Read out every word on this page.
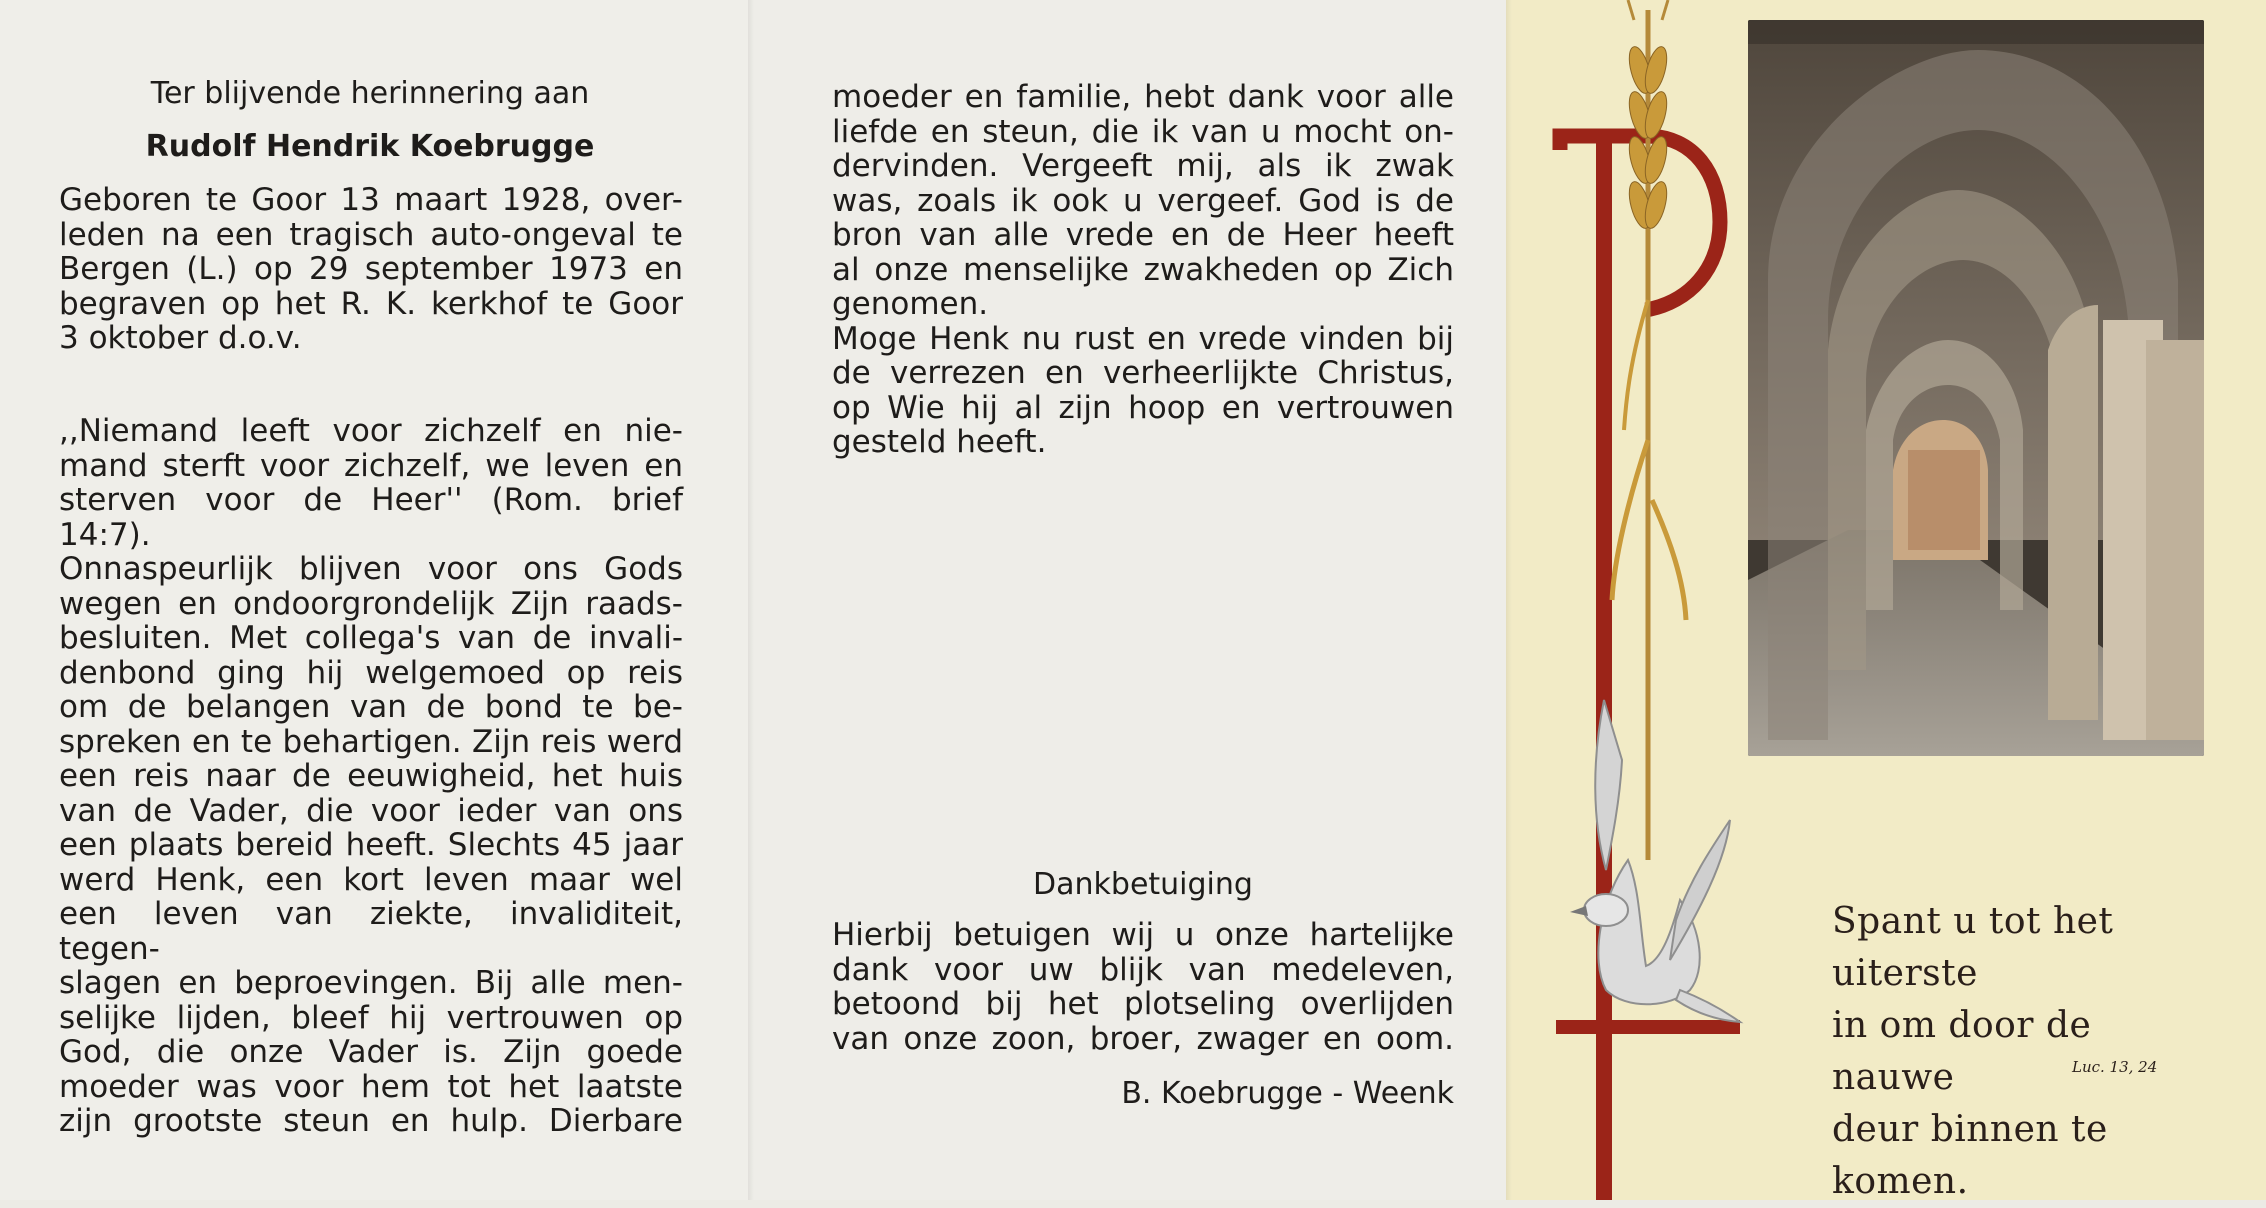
Ter blijvende herinnering aan
Rudolf Hendrik Koebrugge
Geboren te Goor 13 maart 1928, over-
leden na een tragisch auto-ongeval te
Bergen (L.) op 29 september 1973 en
begraven op het R. K. kerkhof te Goor
3 oktober d.o.v.
,,Niemand leeft voor zichzelf en nie-
mand sterft voor zichzelf, we leven en
sterven voor de Heer'' (Rom. brief
14:7).
Onnaspeurlijk blijven voor ons Gods
wegen en ondoorgrondelijk Zijn raads-
besluiten. Met collega's van de invali-
denbond ging hij welgemoed op reis
om de belangen van de bond te be-
spreken en te behartigen. Zijn reis werd
een reis naar de eeuwigheid, het huis
van de Vader, die voor ieder van ons
een plaats bereid heeft. Slechts 45 jaar
werd Henk, een kort leven maar wel
een leven van ziekte, invaliditeit, tegen-
slagen en beproevingen. Bij alle men-
selijke lijden, bleef hij vertrouwen op
God, die onze Vader is. Zijn goede
moeder was voor hem tot het laatste
zijn grootste steun en hulp. Dierbare
moeder en familie, hebt dank voor alle
liefde en steun, die ik van u mocht on-
dervinden. Vergeeft mij, als ik zwak
was, zoals ik ook u vergeef. God is de
bron van alle vrede en de Heer heeft
al onze menselijke zwakheden op Zich
genomen.
Moge Henk nu rust en vrede vinden bij
de verrezen en verheerlijkte Christus,
op Wie hij al zijn hoop en vertrouwen
gesteld heeft.
Dankbetuiging
Hierbij betuigen wij u onze hartelijke
dank voor uw blijk van medeleven,
betoond bij het plotseling overlijden
van onze zoon, broer, zwager en oom.
B. Koebrugge - Weenk
Spant u tot het uiterste
in om door de nauwe
deur binnen te komen.
Luc. 13, 24
